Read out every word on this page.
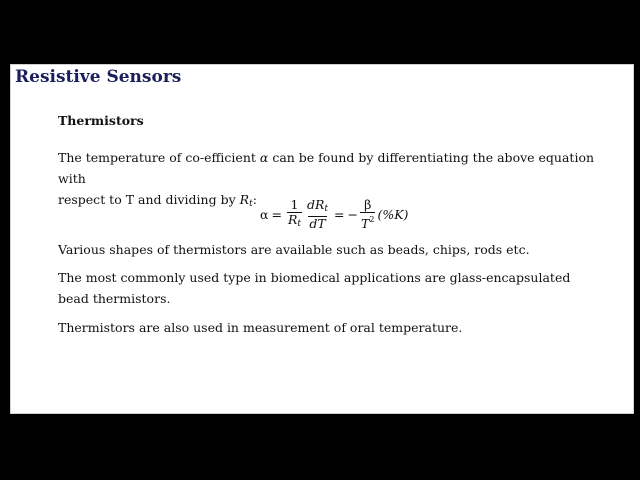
Resistive Sensors
Thermistors
The temperature of co-efficient α can be found by differentiating the above equation with
respect to T and dividing by $R_t$:
$\alpha = \frac{1}{R_t} \frac{dR_t}{dT}$ = − $\frac{\beta}{T^2} (\%K)$
Various shapes of thermistors are available such as beads, chips, rods etc.
The most commonly used type in biomedical applications are glass-encapsulated bead thermistors.
Thermistors are also used in measurement of oral temperature.
